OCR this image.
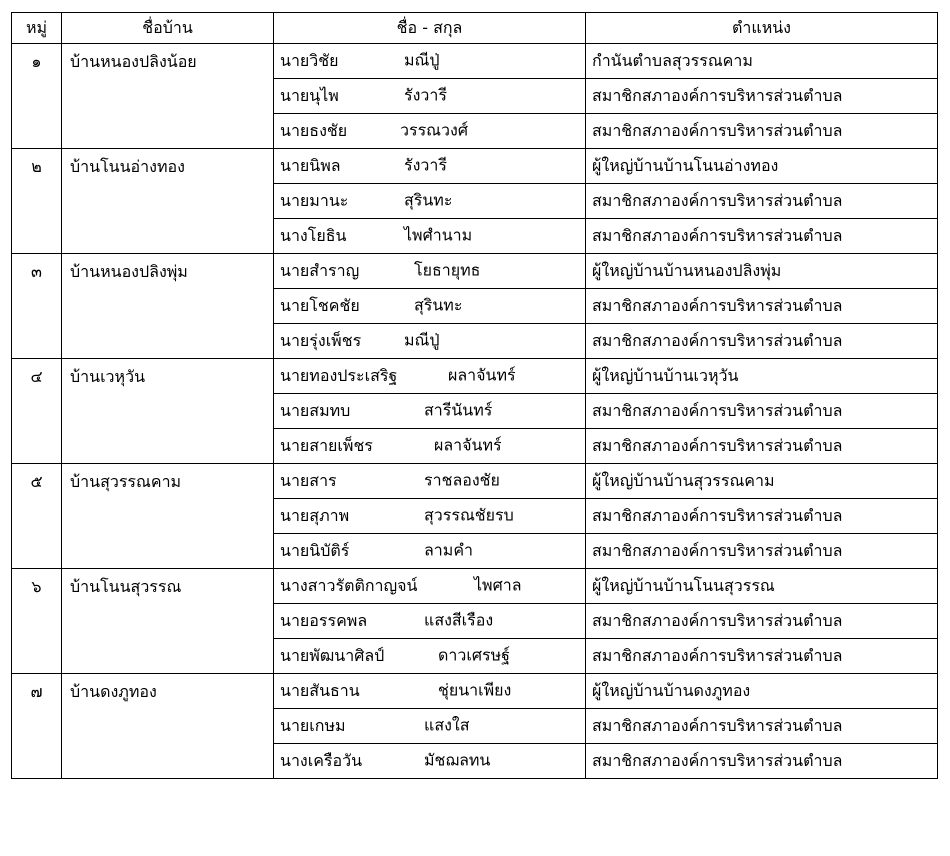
หมู่	ชื่อบ้าน	ชื่อ - สกุล	ตำแหน่ง
๑	บ้านหนองปลิงน้อย	นายวิชัย มณีปู่	กำนันตำบลสุวรรณคาม
		นายนุไพ รังวารี	สมาชิกสภาองค์การบริหารส่วนตำบล
		นายธงชัย วรรณวงศ์	สมาชิกสภาองค์การบริหารส่วนตำบล
๒	บ้านโนนอ่างทอง	นายนิพล รังวารี	ผู้ใหญ่บ้านบ้านโนนอ่างทอง
		นายมานะ สุรินทะ	สมาชิกสภาองค์การบริหารส่วนตำบล
		นางโยธิน ไพศำนาม	สมาชิกสภาองค์การบริหารส่วนตำบล
๓	บ้านหนองปลิงพุ่ม	นายสำราญ โยธายุทธ	ผู้ใหญ่บ้านบ้านหนองปลิงพุ่ม
		นายโชคชัย สุรินทะ	สมาชิกสภาองค์การบริหารส่วนตำบล
		นายรุ่งเพ็ชร มณีปู่	สมาชิกสภาองค์การบริหารส่วนตำบล
๔	บ้านเวหุวัน	นายทองประเสริฐ ผลาจันทร์	ผู้ใหญ่บ้านบ้านเวหุวัน
		นายสมทบ สารีนันทร์	สมาชิกสภาองค์การบริหารส่วนตำบล
		นายสายเพ็ชร ผลาจันทร์	สมาชิกสภาองค์การบริหารส่วนตำบล
๕	บ้านสุวรรณคาม	นายสาร ราชลองชัย	ผู้ใหญ่บ้านบ้านสุวรรณคาม
		นายสุภาพ สุวรรณชัยรบ	สมาชิกสภาองค์การบริหารส่วนตำบล
		นายนิบัติร์ ลามคำ	สมาชิกสภาองค์การบริหารส่วนตำบล
๖	บ้านโนนสุวรรณ	นางสาวรัตติกาญจน์ ไพศาล	ผู้ใหญ่บ้านบ้านโนนสุวรรณ
		นายอรรคพล แสงสีเรือง	สมาชิกสภาองค์การบริหารส่วนตำบล
		นายพัฒนาศิลป์ ดาวเศรษฐ์	สมาชิกสภาองค์การบริหารส่วนตำบล
๗	บ้านดงภูทอง	นายสันธาน ชุ่ยนาเพียง	ผู้ใหญ่บ้านบ้านดงภูทอง
		นายเกษม แสงใส	สมาชิกสภาองค์การบริหารส่วนตำบล
		นางเครือวัน มัชฌลทน	สมาชิกสภาองค์การบริหารส่วนตำบล
